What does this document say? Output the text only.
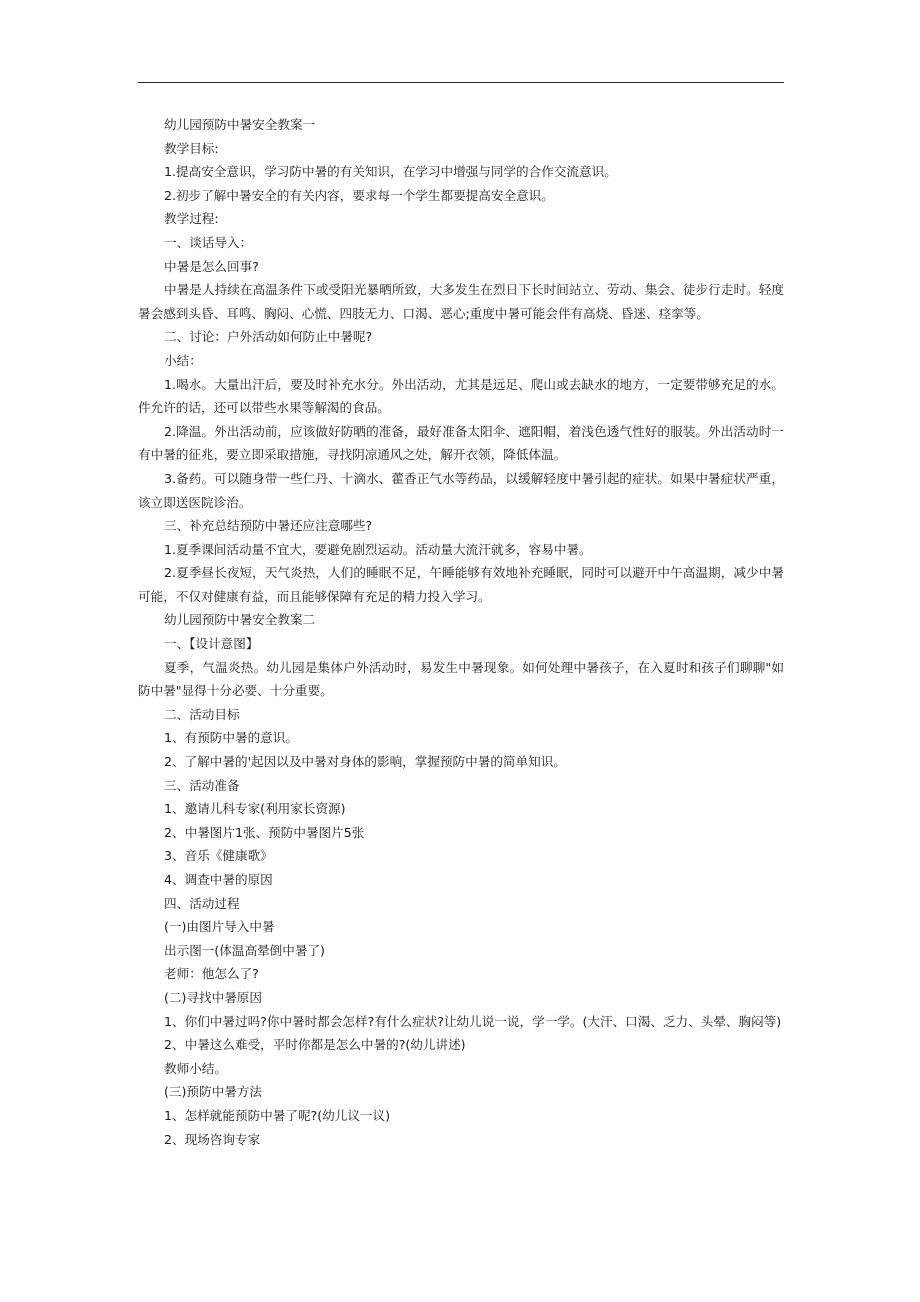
幼儿园预防中暑安全教案一
教学目标:
1.提高安全意识，学习防中暑的有关知识，在学习中增强与同学的合作交流意识。
2.初步了解中暑安全的有关内容，要求每一个学生都要提高安全意识。
教学过程:
一、谈话导入：
中暑是怎么回事?
中暑是人持续在高温条件下或受阳光暴晒所致，大多发生在烈日下长时间站立、劳动、集会、徒步行走时。轻度
暑会感到头昏、耳鸣、胸闷、心慌、四肢无力、口渴、恶心;重度中暑可能会伴有高烧、昏迷、痉挛等。
二、讨论：户外活动如何防止中暑呢?
小结：
1.喝水。大量出汗后，要及时补充水分。外出活动，尤其是远足、爬山或去缺水的地方，一定要带够充足的水。
件允许的话，还可以带些水果等解渴的食品。
2.降温。外出活动前，应该做好防晒的准备，最好准备太阳伞、遮阳帽，着浅色透气性好的服装。外出活动时一
有中暑的征兆，要立即采取措施，寻找阴凉通风之处，解开衣领，降低体温。
3.备药。可以随身带一些仁丹、十滴水、藿香正气水等药品，以缓解轻度中暑引起的症状。如果中暑症状严重，
该立即送医院诊治。
三、补充总结预防中暑还应注意哪些?
1.夏季课间活动量不宜大，要避免剧烈运动。活动量大流汗就多，容易中暑。
2.夏季昼长夜短，天气炎热，人们的睡眠不足，午睡能够有效地补充睡眠，同时可以避开中午高温期，减少中暑
可能，不仅对健康有益，而且能够保障有充足的精力投入学习。
幼儿园预防中暑安全教案二
一、【设计意图】
夏季，气温炎热。幼儿园是集体户外活动时，易发生中暑现象。如何处理中暑孩子，在入夏时和孩子们聊聊"如
防中暑"显得十分必要、十分重要。
二、活动目标
1、有预防中暑的意识。
2、了解中暑的'起因以及中暑对身体的影响，掌握预防中暑的简单知识。
三、活动准备
1、邀请儿科专家(利用家长资源)
2、中暑图片1张、预防中暑图片5张
3、音乐《健康歌》
4、调查中暑的原因
四、活动过程
(一)由图片导入中暑
出示图一(体温高晕倒中暑了)
老师：他怎么了?
(二)寻找中暑原因
1、你们中暑过吗?你中暑时都会怎样?有什么症状?让幼儿说一说，学一学。(大汗、口渴、乏力、头晕、胸闷等)
2、中暑这么难受，平时你都是怎么中暑的?(幼儿讲述)
教师小结。
(三)预防中暑方法
1、怎样就能预防中暑了呢?(幼儿议一议)
2、现场咨询专家
